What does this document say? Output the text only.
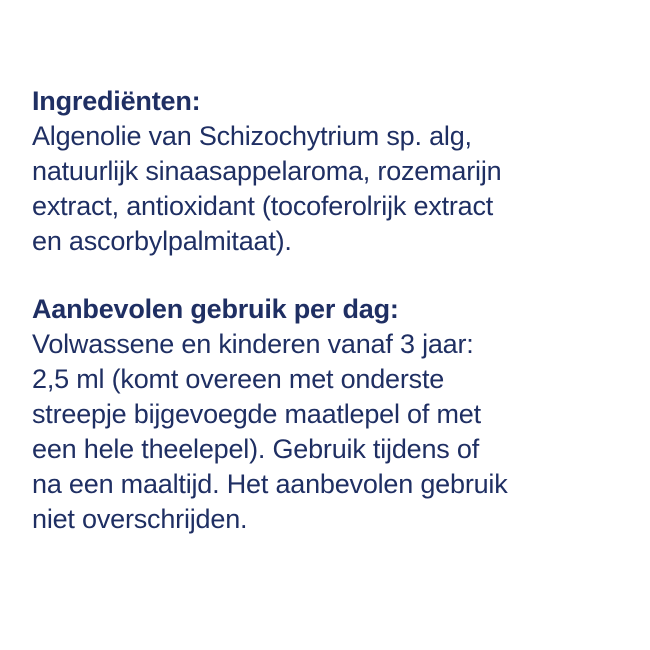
Ingrediënten:
Algenolie van Schizochytrium sp. alg,
natuurlijk sinaasappelaroma, rozemarijn
extract, antioxidant (tocoferolrijk extract
en ascorbylpalmitaat).
Aanbevolen gebruik per dag:
Volwassene en kinderen vanaf 3 jaar:
2,5 ml (komt overeen met onderste
streepje bijgevoegde maatlepel of met
een hele theelepel). Gebruik tijdens of
na een maaltijd. Het aanbevolen gebruik
niet overschrijden.
